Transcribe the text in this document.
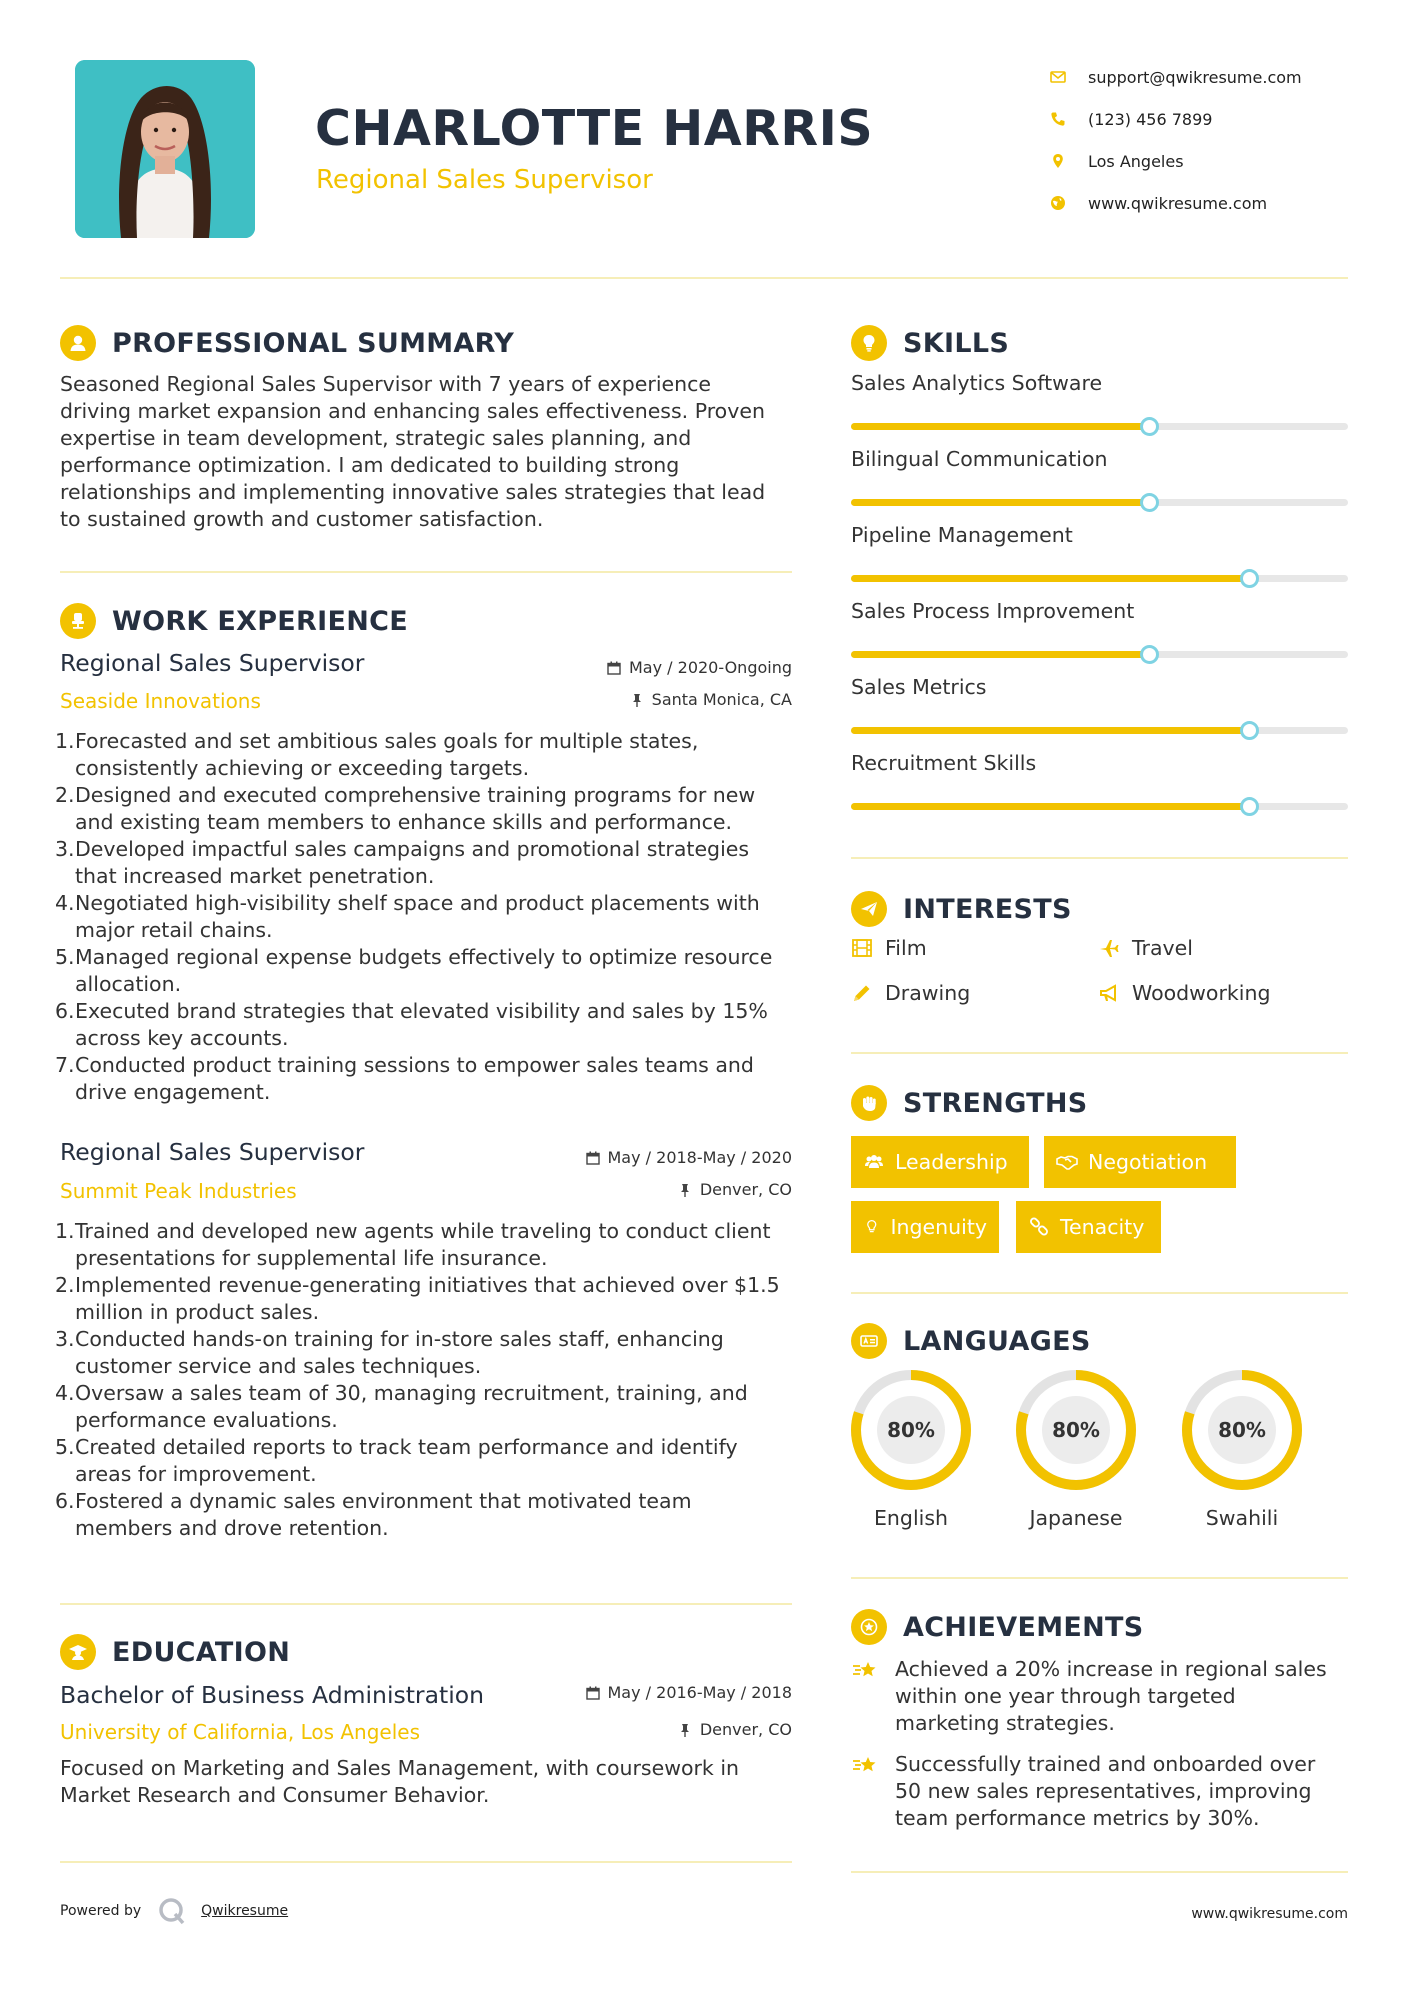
CHARLOTTE HARRIS
Regional Sales Supervisor
support@qwikresume.com
(123) 456 7899
Los Angeles
www.qwikresume.com
PROFESSIONAL SUMMARY
Seasoned Regional Sales Supervisor with 7 years of experience
driving market expansion and enhancing sales effectiveness. Proven
expertise in team development, strategic sales planning, and
performance optimization. I am dedicated to building strong
relationships and implementing innovative sales strategies that lead
to sustained growth and customer satisfaction.
WORK EXPERIENCE
Regional Sales Supervisor	May / 2020-Ongoing
Seaside Innovations	Santa Monica, CA
1. Forecasted and set ambitious sales goals for multiple states,
consistently achieving or exceeding targets.
2. Designed and executed comprehensive training programs for new
and existing team members to enhance skills and performance.
3. Developed impactful sales campaigns and promotional strategies
that increased market penetration.
4. Negotiated high-visibility shelf space and product placements with
major retail chains.
5. Managed regional expense budgets effectively to optimize resource
allocation.
6. Executed brand strategies that elevated visibility and sales by 15%
across key accounts.
7. Conducted product training sessions to empower sales teams and
drive engagement.
Regional Sales Supervisor	May / 2018-May / 2020
Summit Peak Industries	Denver, CO
1. Trained and developed new agents while traveling to conduct client
presentations for supplemental life insurance.
2. Implemented revenue-generating initiatives that achieved over $1.5
million in product sales.
3. Conducted hands-on training for in-store sales staff, enhancing
customer service and sales techniques.
4. Oversaw a sales team of 30, managing recruitment, training, and
performance evaluations.
5. Created detailed reports to track team performance and identify
areas for improvement.
6. Fostered a dynamic sales environment that motivated team
members and drove retention.
EDUCATION
Bachelor of Business Administration	May / 2016-May / 2018
University of California, Los Angeles	Denver, CO
Focused on Marketing and Sales Management, with coursework in
Market Research and Consumer Behavior.
SKILLS
Sales Analytics Software
Bilingual Communication
Pipeline Management
Sales Process Improvement
Sales Metrics
Recruitment Skills
INTERESTS
Film	Travel
Drawing	Woodworking
STRENGTHS
Leadership	Negotiation
Ingenuity	Tenacity
LANGUAGES
80%
English
80%
Japanese
80%
Swahili
ACHIEVEMENTS
Achieved a 20% increase in regional sales
within one year through targeted
marketing strategies.
Successfully trained and onboarded over
50 new sales representatives, improving
team performance metrics by 30%.
Powered by	Qwikresume	www.qwikresume.com
